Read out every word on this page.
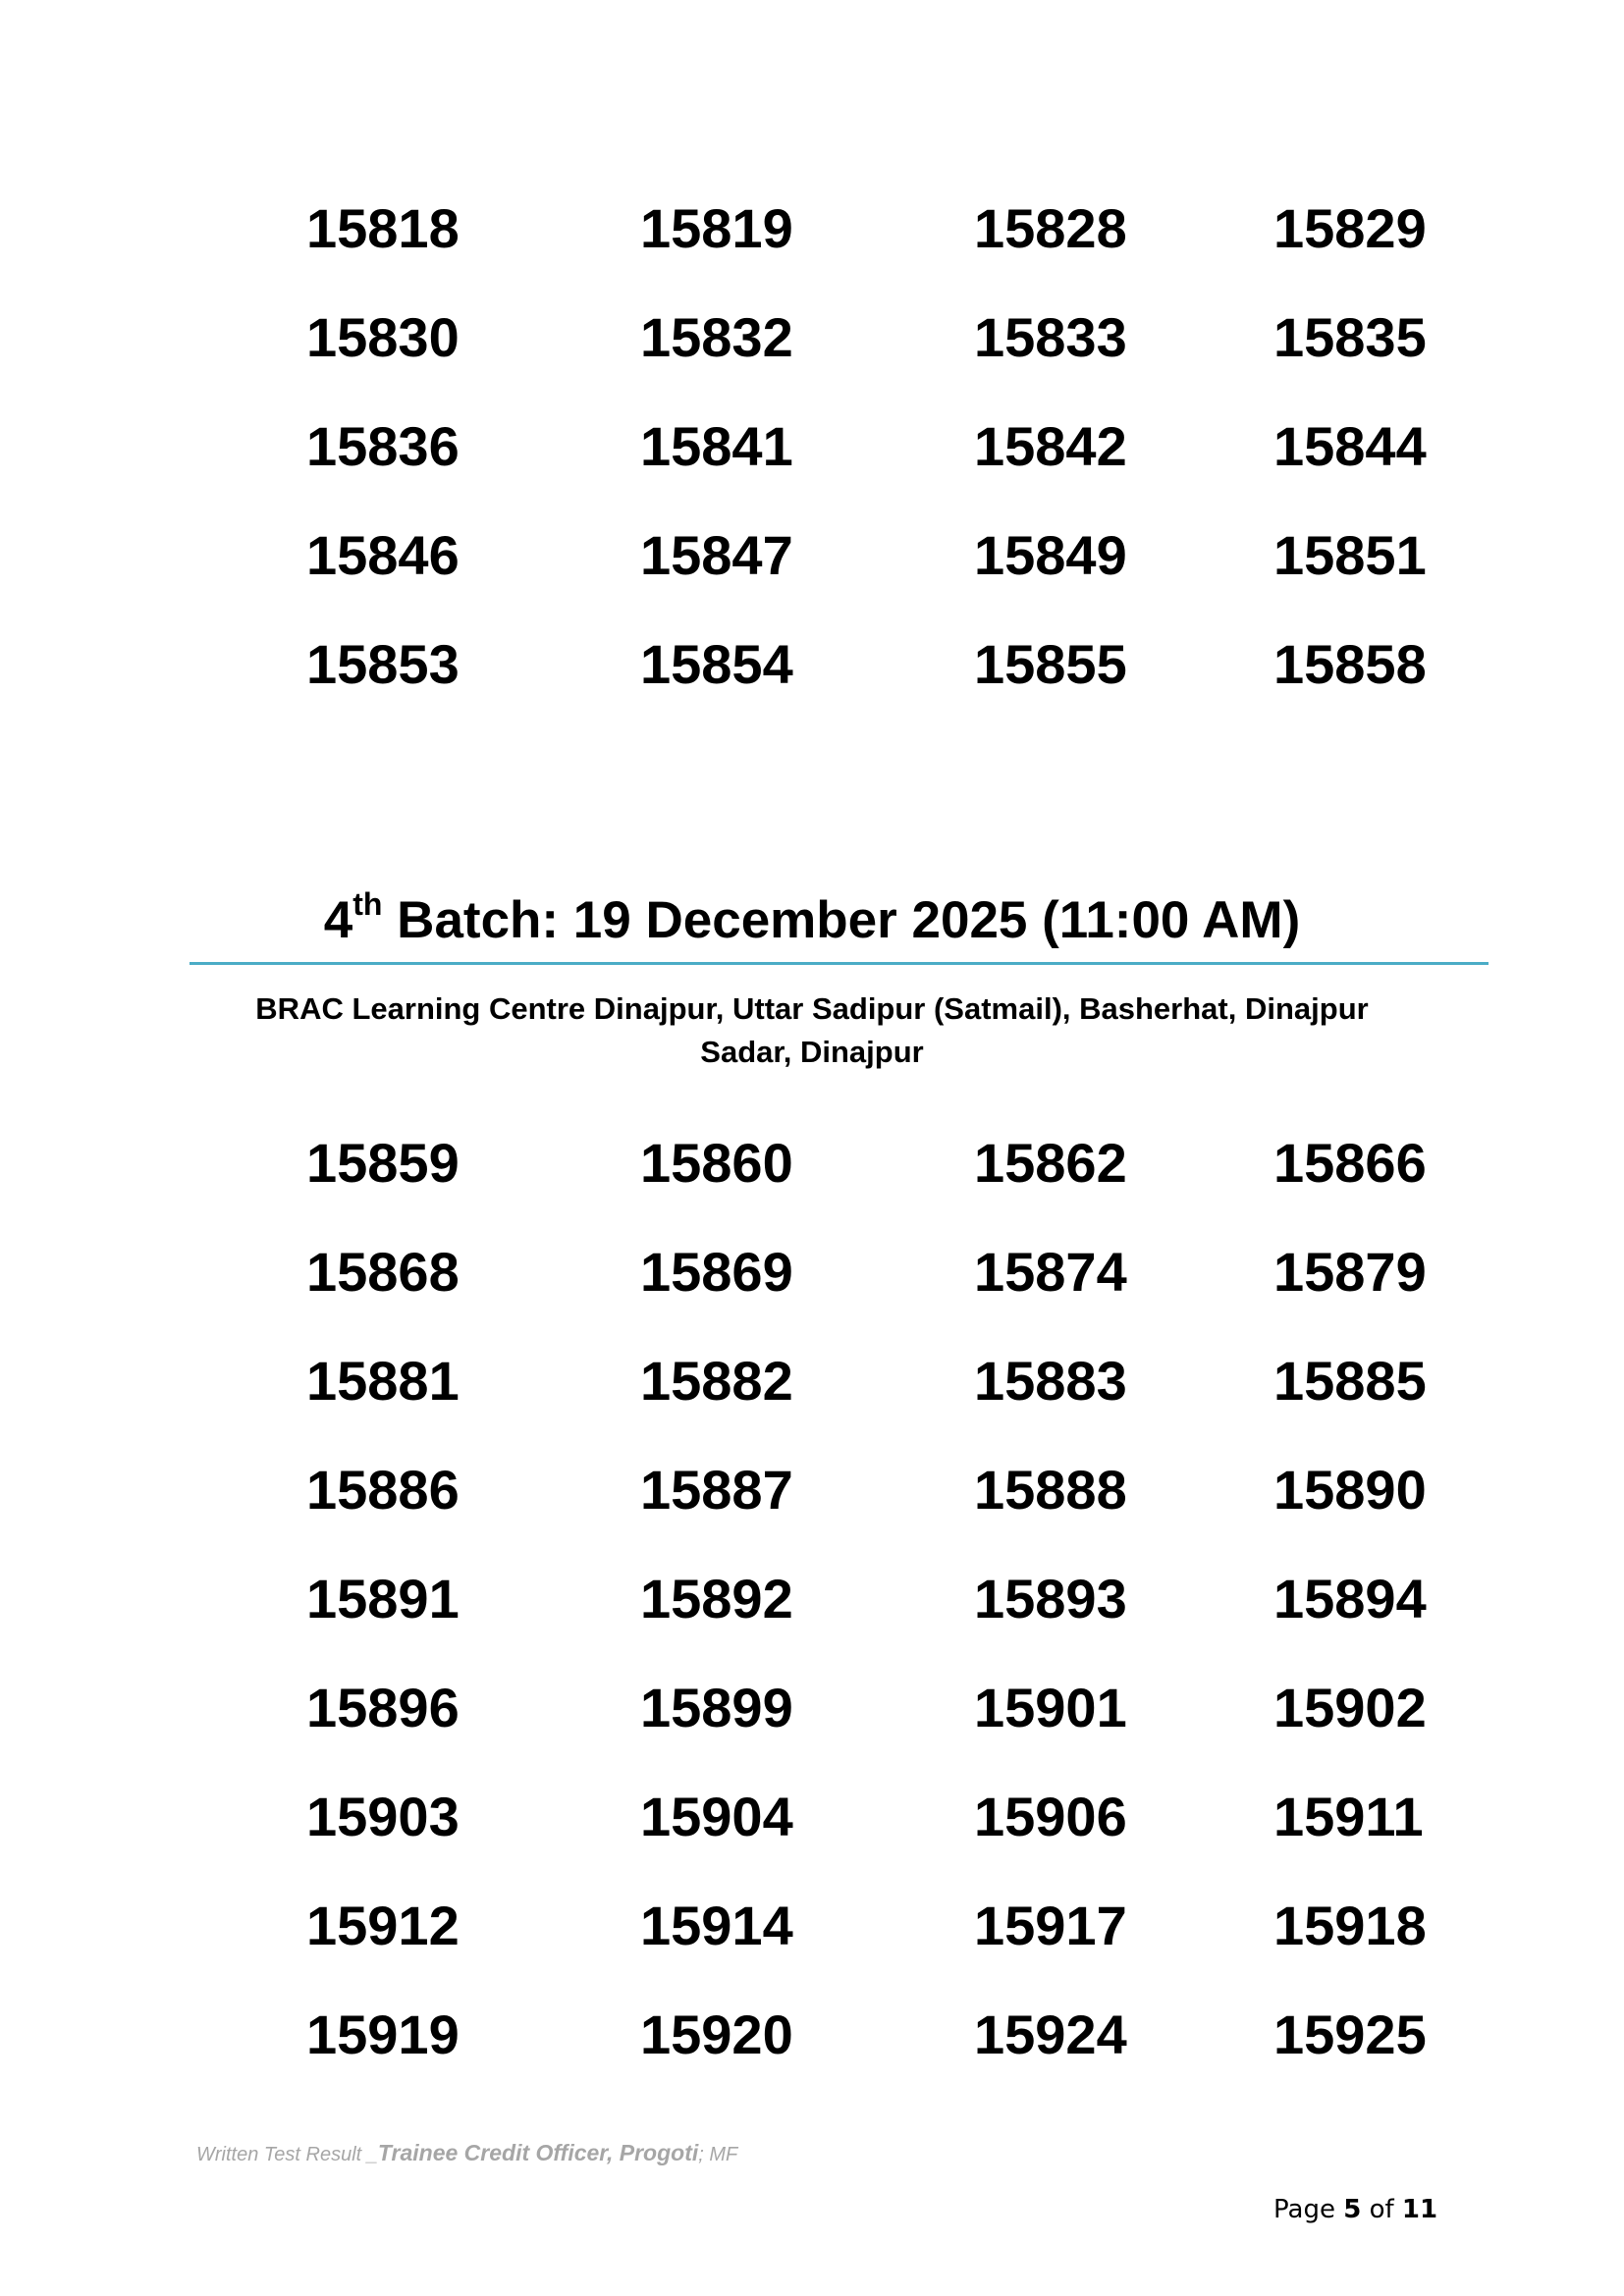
15818	15819	15828	15829
15830	15832	15833	15835
15836	15841	15842	15844
15846	15847	15849	15851
15853	15854	15855	15858
4th Batch: 19 December 2025 (11:00 AM)
BRAC Learning Centre Dinajpur, Uttar Sadipur (Satmail), Basherhat, Dinajpur
Sadar, Dinajpur
15859	15860	15862	15866
15868	15869	15874	15879
15881	15882	15883	15885
15886	15887	15888	15890
15891	15892	15893	15894
15896	15899	15901	15902
15903	15904	15906	15911
15912	15914	15917	15918
15919	15920	15924	15925
Written Test Result _Trainee Credit Officer, Progoti; MF
Page 5 of 11
